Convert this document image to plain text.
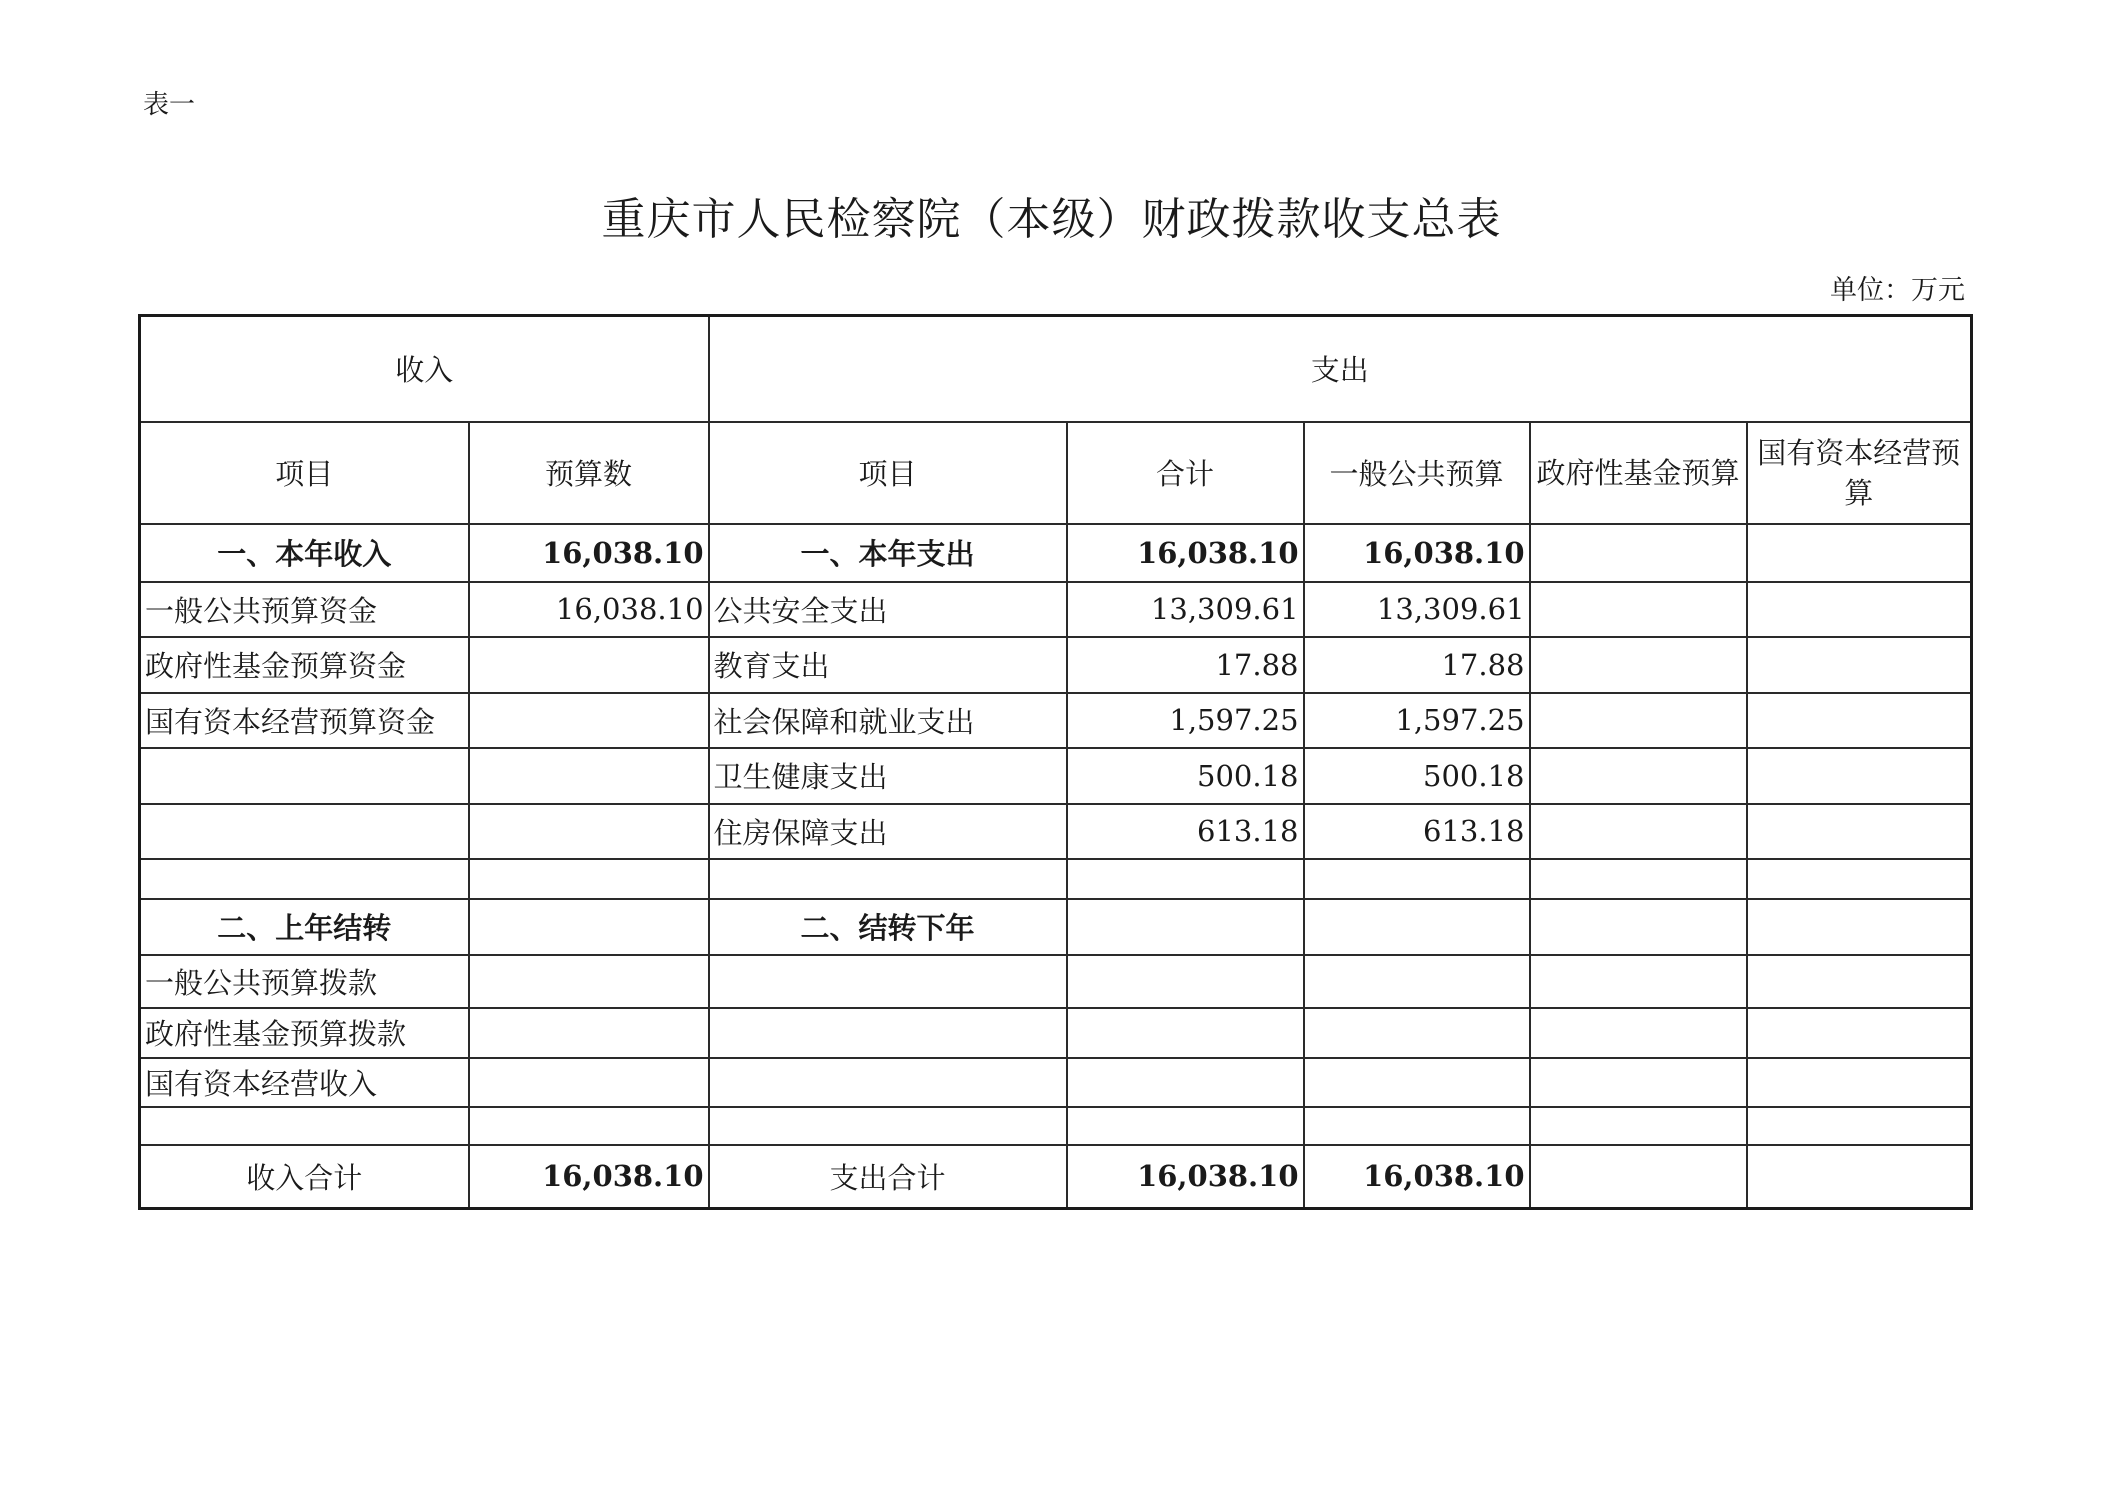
表一
重庆市人民检察院（本级）财政拨款收支总表
单位：万元
收入		支出				
项目	预算数	项目	合计	一般公共预算	政府性基金预算	国有资本经营预算
一、本年收入	16,038.10	一、本年支出	16,038.10	16,038.10		
一般公共预算资金	16,038.10	公共安全支出	13,309.61	13,309.61		
政府性基金预算资金		教育支出	17.88	17.88		
国有资本经营预算资金		社会保障和就业支出	1,597.25	1,597.25		
		卫生健康支出	500.18	500.18		
		住房保障支出	613.18	613.18		

二、上年结转		二、结转下年				
一般公共预算拨款						
政府性基金预算拨款						
国有资本经营收入						

收入合计	16,038.10	支出合计	16,038.10	16,038.10		
